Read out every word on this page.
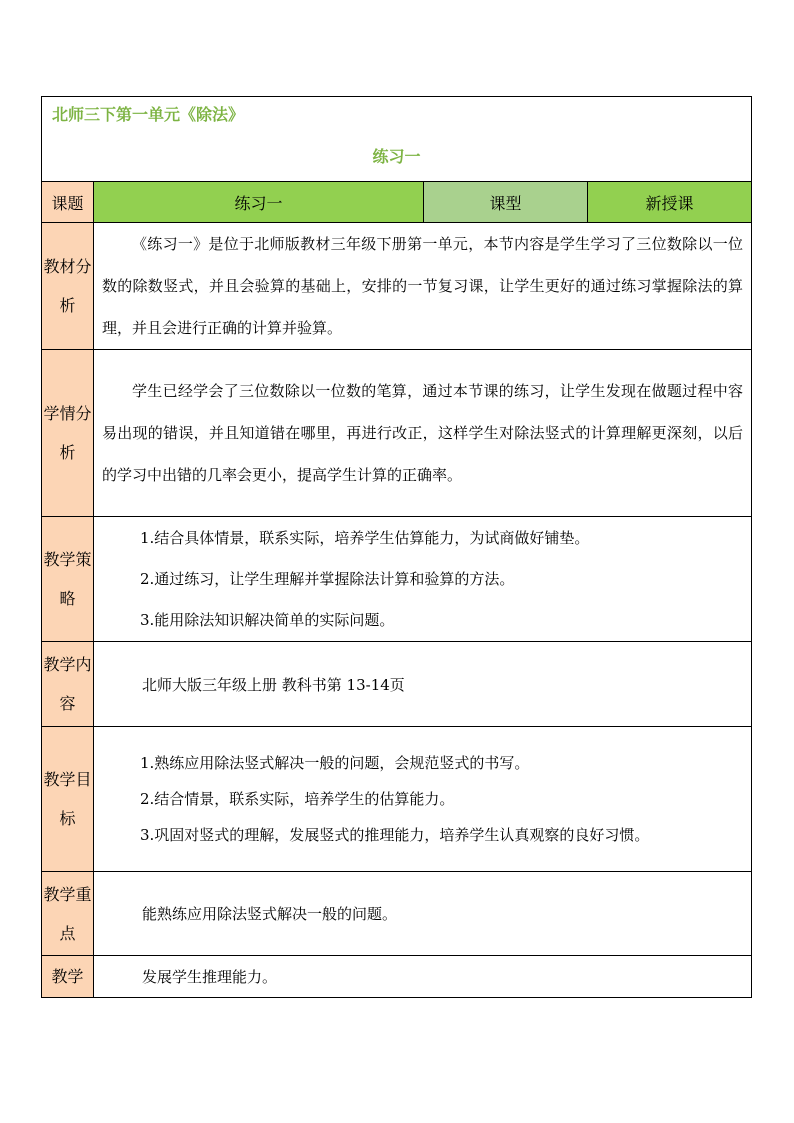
北师三下第一单元《除法》			
练习一			
课题	练习一	课型	新授课
教材分析	《练习一》是位于北师版教材三年级下册第一单元，本节内容是学生学习了三位数除以一位数的除数竖式，并且会验算的基础上，安排的一节复习课，让学生更好的通过练习掌握除法的算理，并且会进行正确的计算并验算。		

学情分析	学生已经学会了三位数除以一位数的笔算，通过本节课的练习，让学生发现在做题过程中容易出现的错误，并且知道错在哪里，再进行改正，这样学生对除法竖式的计算理解更深刻，以后的学习中出错的几率会更小，提高学生计算的正确率。		

教学策略	1.结合具体情景，联系实际，培养学生估算能力，为试商做好铺垫。

2.通过练习，让学生理解并掌握除法计算和验算的方法。

3.能用除法知识解决简单的实际问题。		

教学内容	北师大版三年级上册 教科书第 13-14页		
教学目标	1.熟练应用除法竖式解决一般的问题，会规范竖式的书写。

2.结合情景，联系实际，培养学生的估算能力。

3.巩固对竖式的理解，发展竖式的推理能力，培养学生认真观察的良好习惯。		

教学重点	能熟练应用除法竖式解决一般的问题。		
教学	发展学生推理能力。		
